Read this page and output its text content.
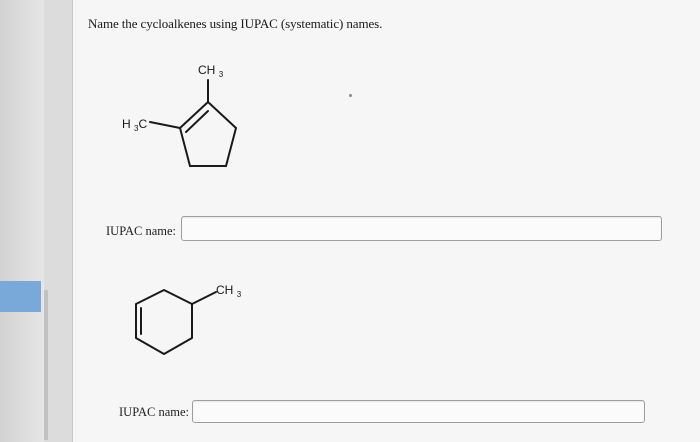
Name the cycloalkenes using IUPAC (systematic) names.
CH $_3$
H $_3$C
IUPAC name:
CH $_3$
IUPAC name:
